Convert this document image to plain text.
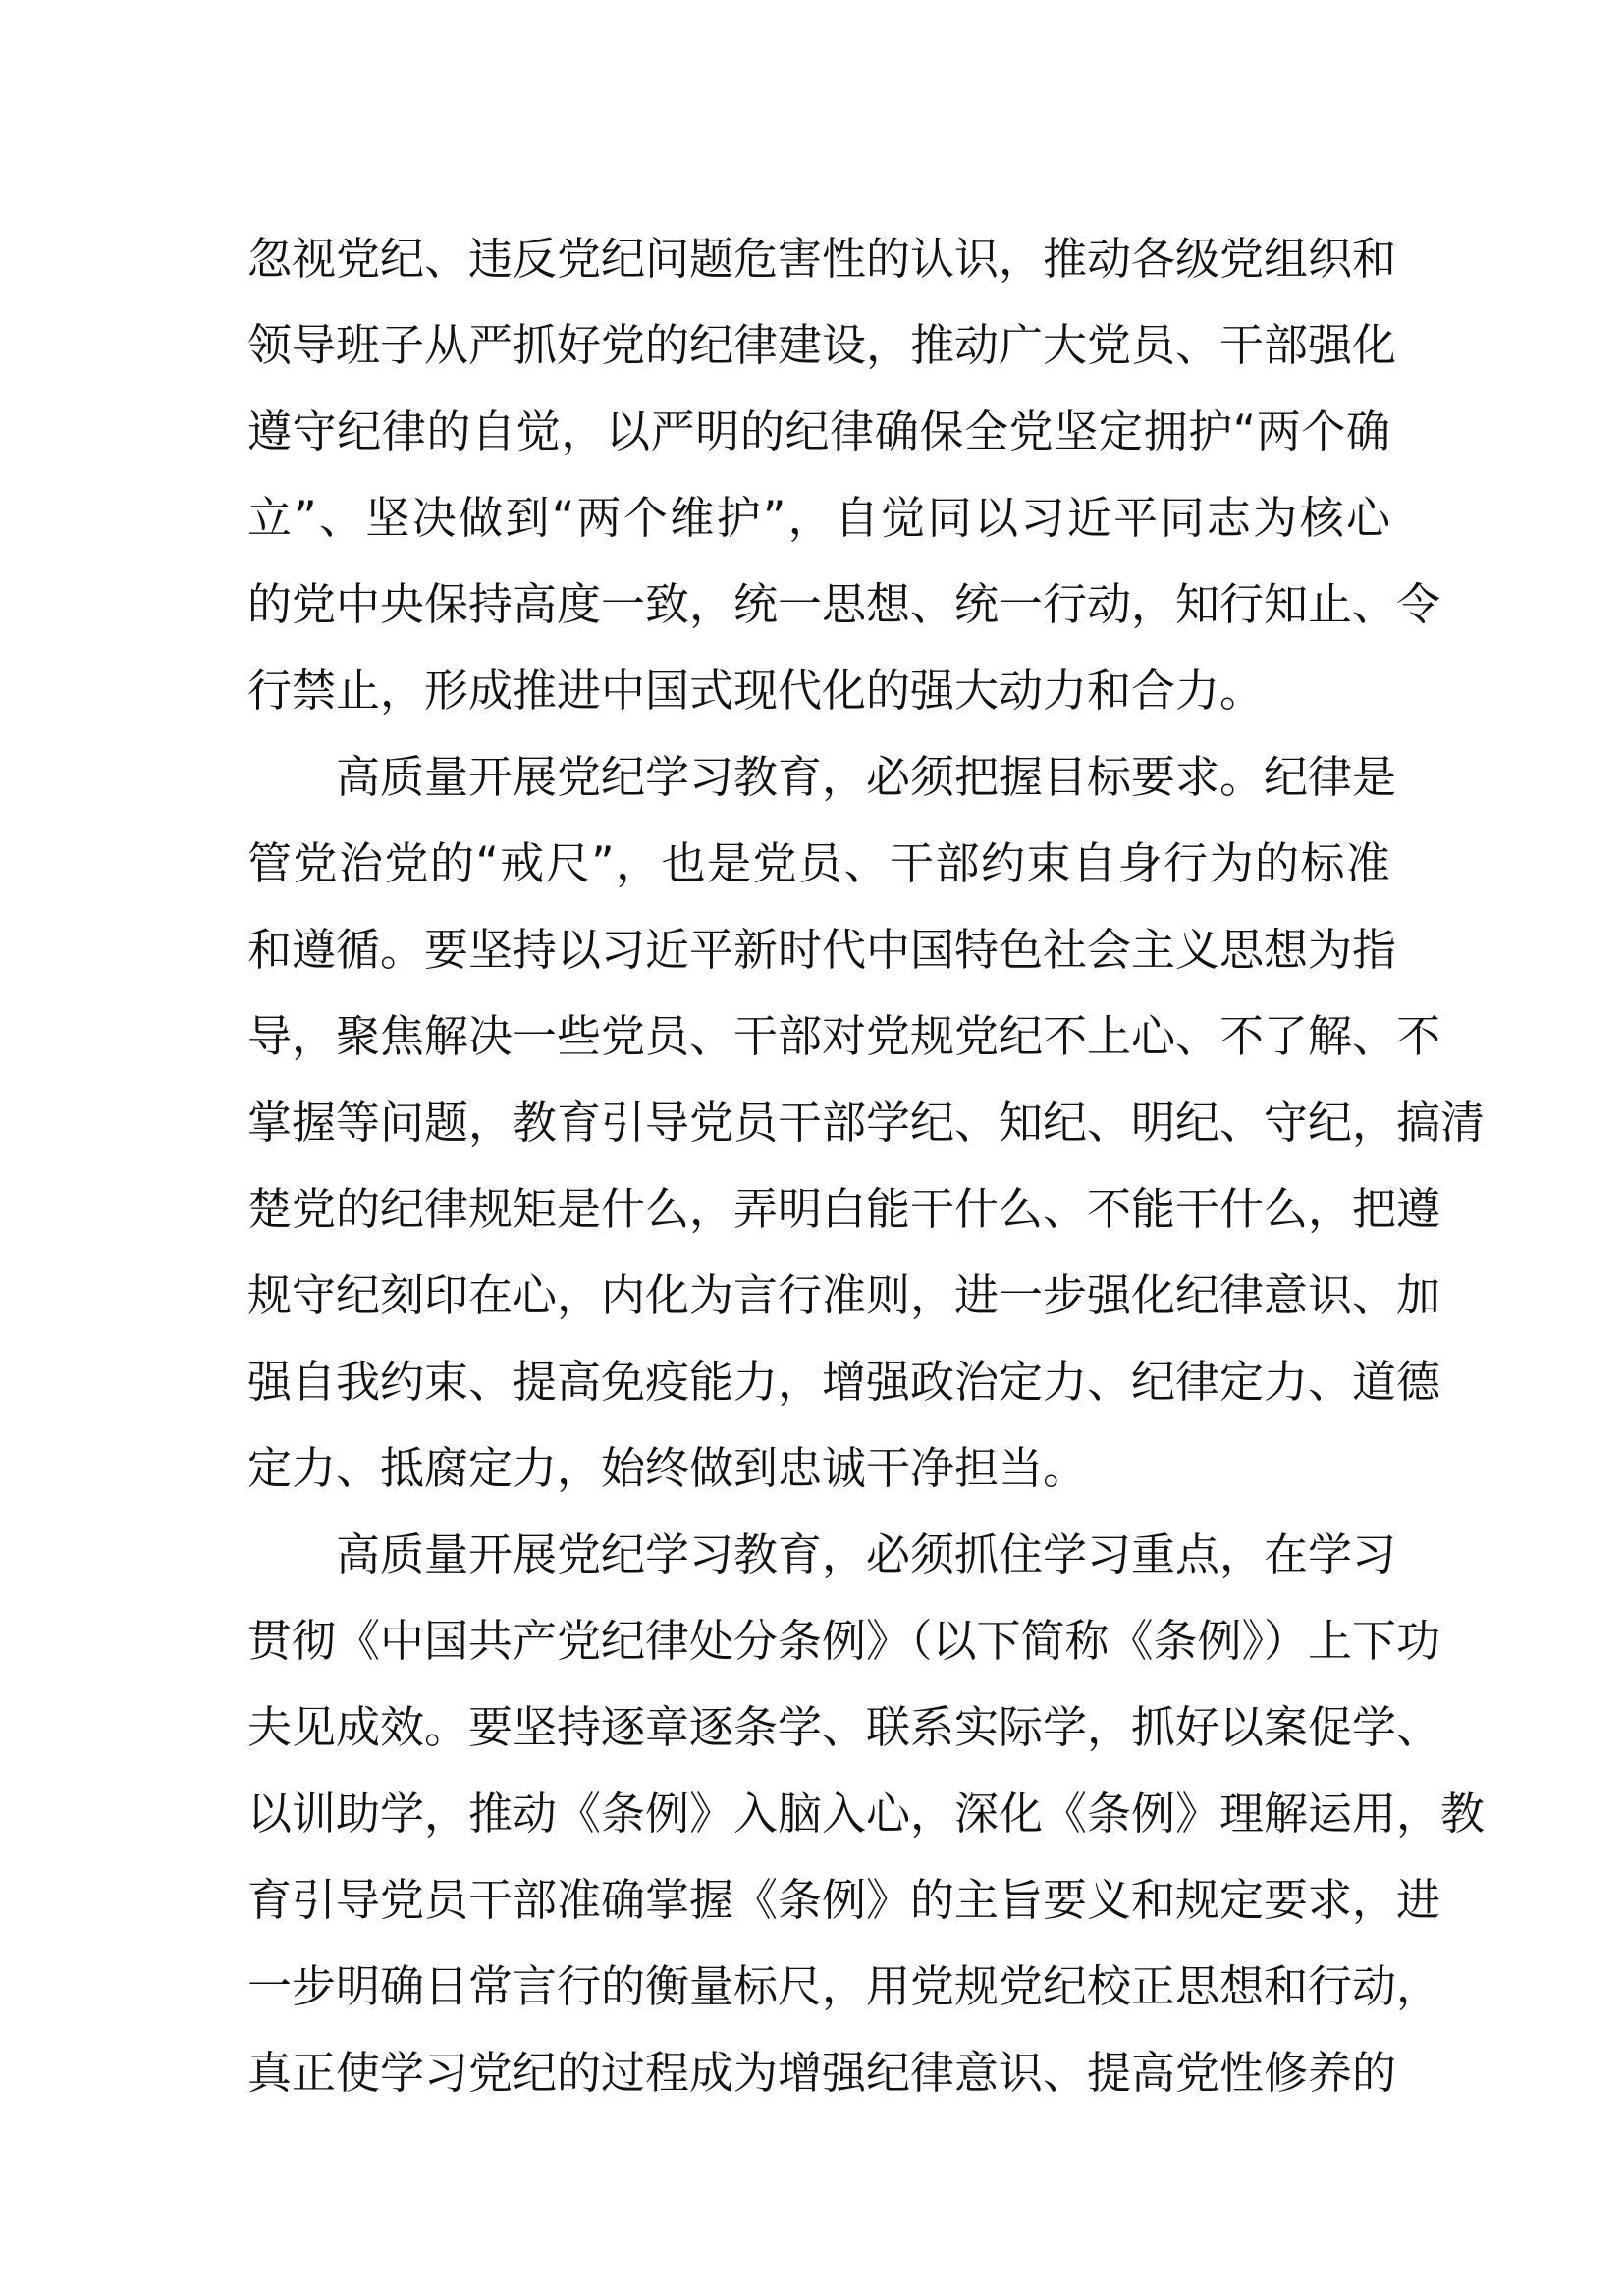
忽视党纪、违反党纪问题危害性的认识，推动各级党组织和
领导班子从严抓好党的纪律建设，推动广大党员、干部强化
遵守纪律的自觉，以严明的纪律确保全党坚定拥护“两个确
立”、坚决做到“两个维护”，自觉同以习近平同志为核心
的党中央保持高度一致，统一思想、统一行动，知行知止、令
行禁止，形成推进中国式现代化的强大动力和合力。
高质量开展党纪学习教育，必须把握目标要求。纪律是
管党治党的“戒尺”，也是党员、干部约束自身行为的标准
和遵循。要坚持以习近平新时代中国特色社会主义思想为指
导，聚焦解决一些党员、干部对党规党纪不上心、不了解、不
掌握等问题，教育引导党员干部学纪、知纪、明纪、守纪，搞清
楚党的纪律规矩是什么，弄明白能干什么、不能干什么，把遵
规守纪刻印在心，内化为言行准则，进一步强化纪律意识、加
强自我约束、提高免疫能力，增强政治定力、纪律定力、道德
定力、抵腐定力，始终做到忠诚干净担当。
高质量开展党纪学习教育，必须抓住学习重点，在学习
贯彻《中国共产党纪律处分条例》（以下简称《条例》）上下功
夫见成效。要坚持逐章逐条学、联系实际学，抓好以案促学、
以训助学，推动《条例》入脑入心，深化《条例》理解运用，教
育引导党员干部准确掌握《条例》的主旨要义和规定要求，进
一步明确日常言行的衡量标尺，用党规党纪校正思想和行动，
真正使学习党纪的过程成为增强纪律意识、提高党性修养的
